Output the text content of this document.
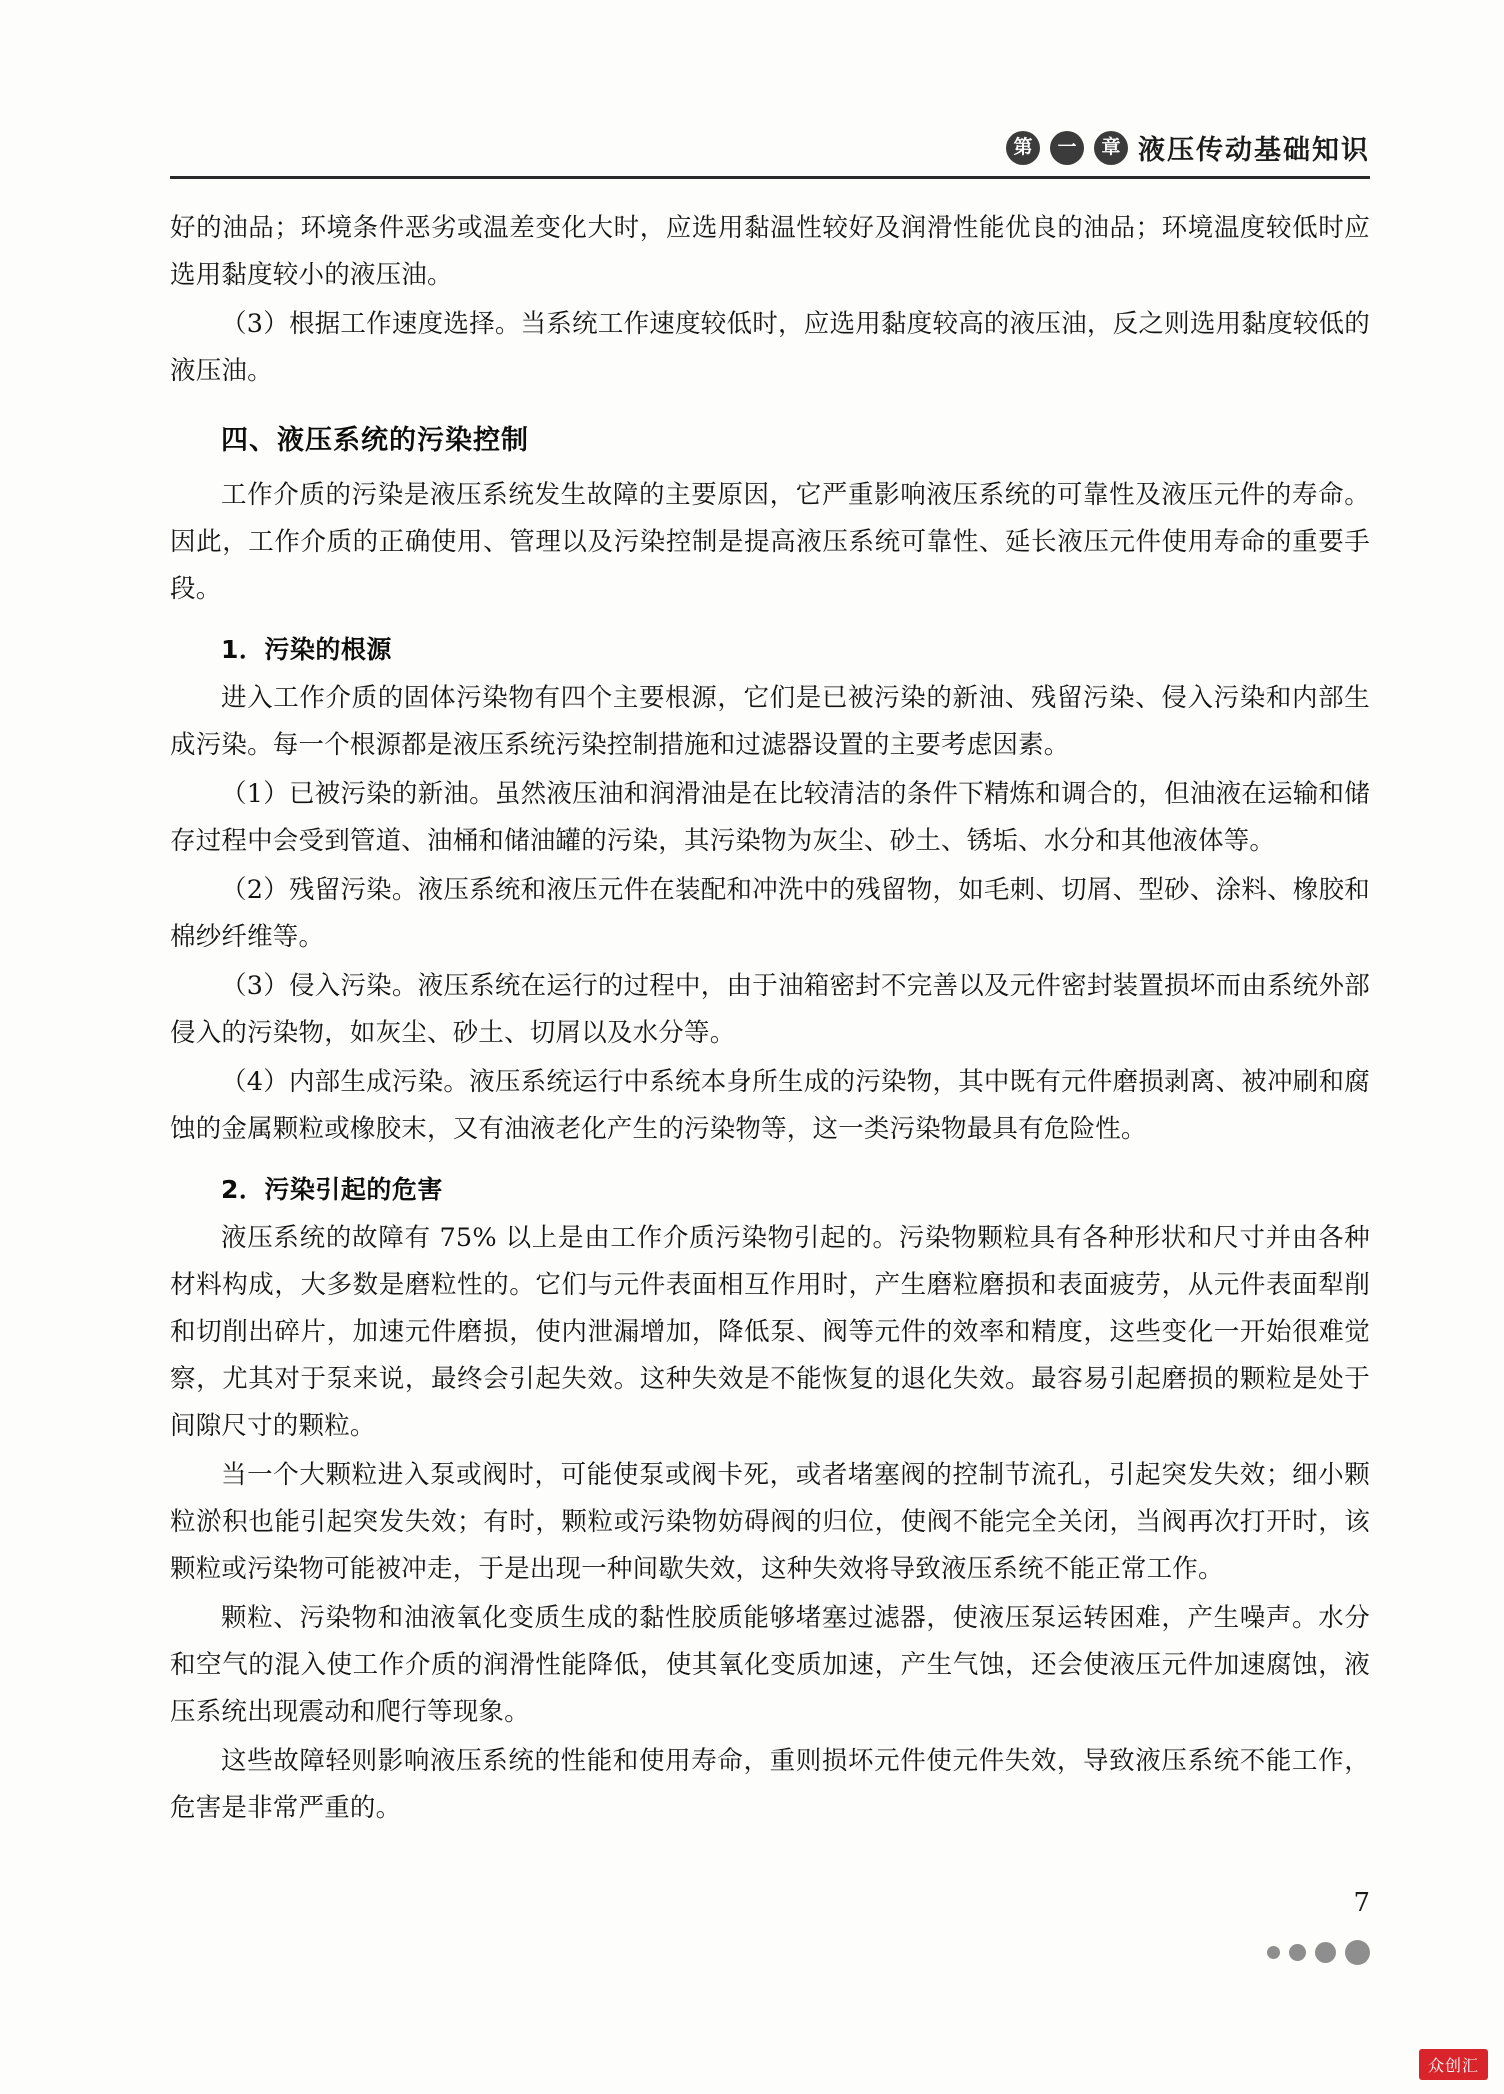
第	一	章 液压传动基础知识

好的油品；环境条件恶劣或温差变化大时，应选用黏温性较好及润滑性能优良的油品；环境温度较低时应选用黏度较小的液压油。

（3）根据工作速度选择。当系统工作速度较低时，应选用黏度较高的液压油，反之则选用黏度较低的液压油。

四、液压系统的污染控制

工作介质的污染是液压系统发生故障的主要原因，它严重影响液压系统的可靠性及液压元件的寿命。因此，工作介质的正确使用、管理以及污染控制是提高液压系统可靠性、延长液压元件使用寿命的重要手段。

1．污染的根源

进入工作介质的固体污染物有四个主要根源，它们是已被污染的新油、残留污染、侵入污染和内部生成污染。每一个根源都是液压系统污染控制措施和过滤器设置的主要考虑因素。

（1）已被污染的新油。虽然液压油和润滑油是在比较清洁的条件下精炼和调合的，但油液在运输和储存过程中会受到管道、油桶和储油罐的污染，其污染物为灰尘、砂土、锈垢、水分和其他液体等。

（2）残留污染。液压系统和液压元件在装配和冲洗中的残留物，如毛刺、切屑、型砂、涂料、橡胶和棉纱纤维等。

（3）侵入污染。液压系统在运行的过程中，由于油箱密封不完善以及元件密封装置损坏而由系统外部侵入的污染物，如灰尘、砂土、切屑以及水分等。

（4）内部生成污染。液压系统运行中系统本身所生成的污染物，其中既有元件磨损剥离、被冲刷和腐蚀的金属颗粒或橡胶末，又有油液老化产生的污染物等，这一类污染物最具有危险性。

2．污染引起的危害

液压系统的故障有 75% 以上是由工作介质污染物引起的。污染物颗粒具有各种形状和尺寸并由各种材料构成，大多数是磨粒性的。它们与元件表面相互作用时，产生磨粒磨损和表面疲劳，从元件表面犁削和切削出碎片，加速元件磨损，使内泄漏增加，降低泵、阀等元件的效率和精度，这些变化一开始很难觉察，尤其对于泵来说，最终会引起失效。这种失效是不能恢复的退化失效。最容易引起磨损的颗粒是处于间隙尺寸的颗粒。

当一个大颗粒进入泵或阀时，可能使泵或阀卡死，或者堵塞阀的控制节流孔，引起突发失效；细小颗粒淤积也能引起突发失效；有时，颗粒或污染物妨碍阀的归位，使阀不能完全关闭，当阀再次打开时，该颗粒或污染物可能被冲走，于是出现一种间歇失效，这种失效将导致液压系统不能正常工作。

颗粒、污染物和油液氧化变质生成的黏性胶质能够堵塞过滤器，使液压泵运转困难，产生噪声。水分和空气的混入使工作介质的润滑性能降低，使其氧化变质加速，产生气蚀，还会使液压元件加速腐蚀，液压系统出现震动和爬行等现象。

这些故障轻则影响液压系统的性能和使用寿命，重则损坏元件使元件失效，导致液压系统不能工作，危害是非常严重的。

7
众创汇
